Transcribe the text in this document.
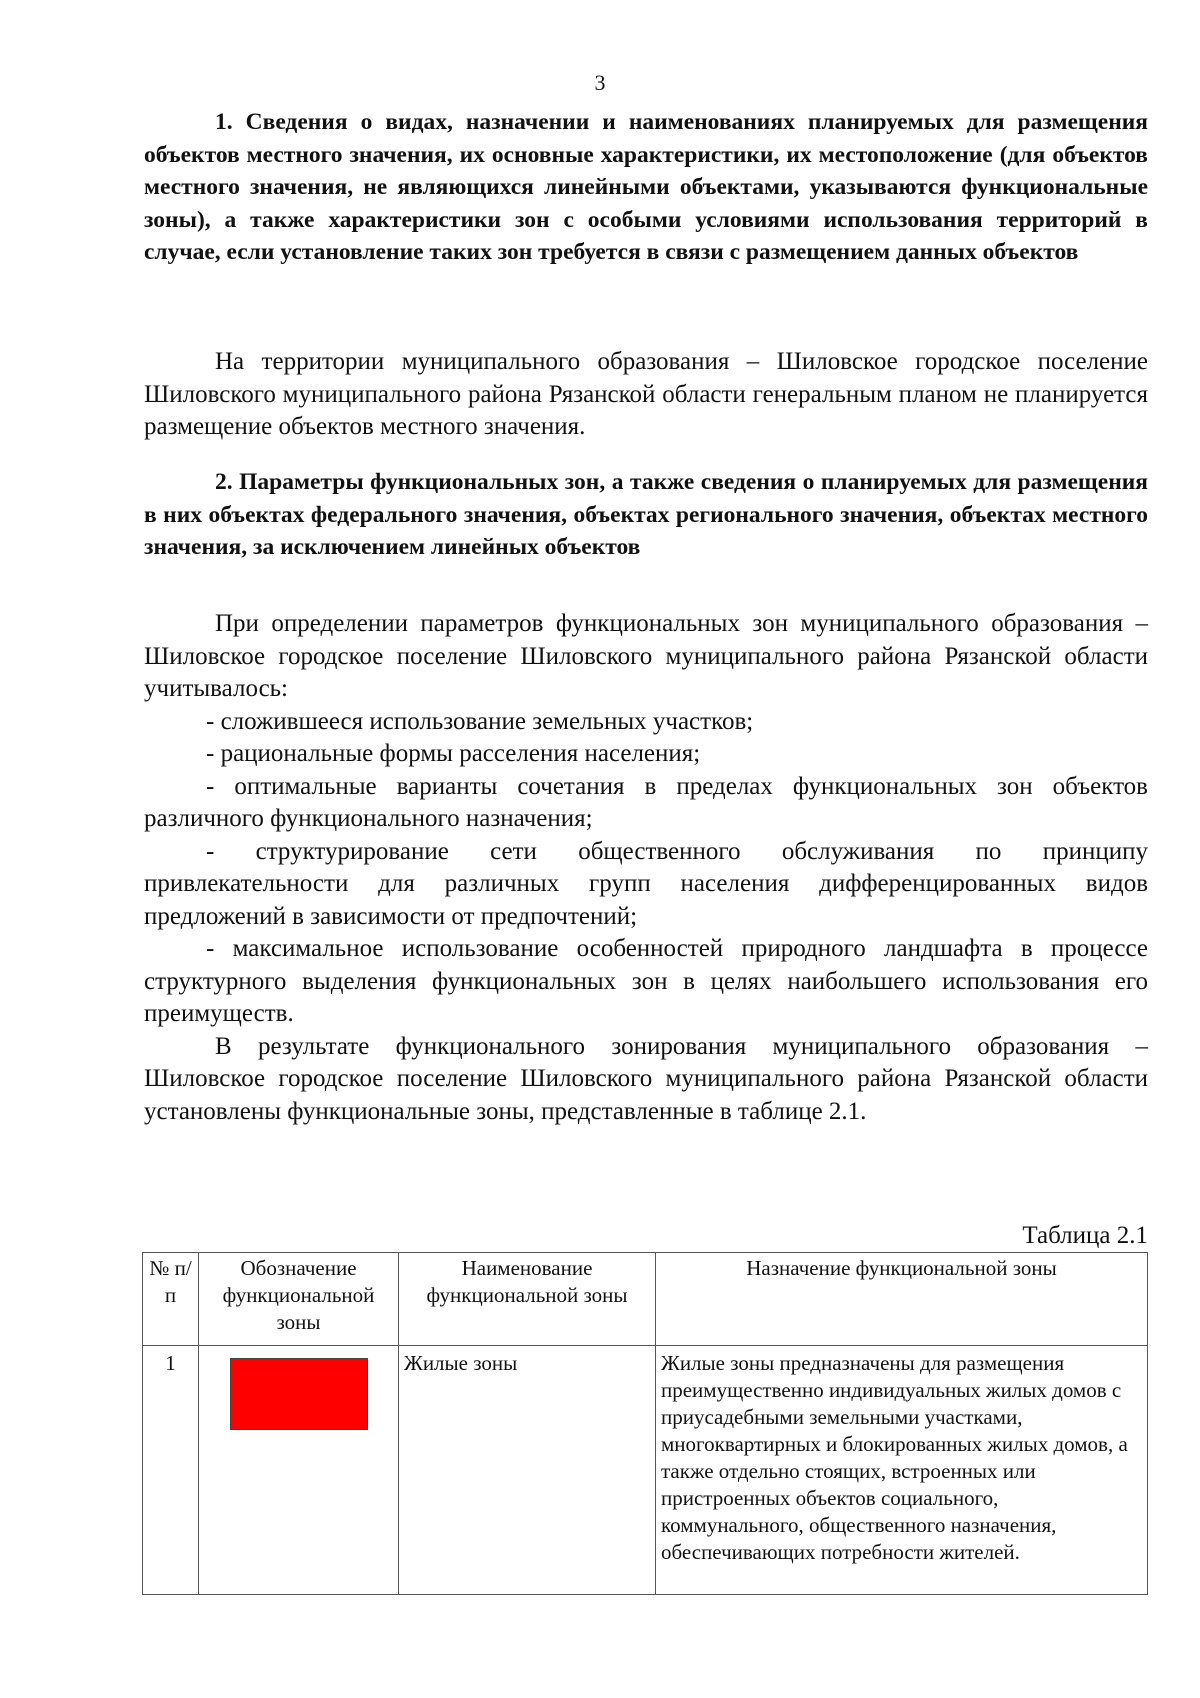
3

1. Сведения о видах, назначении и наименованиях планируемых для размещения объектов местного значения, их основные характеристики, их местоположение (для объектов местного значения, не являющихся линейными объектами, указываются функциональные зоны), а также характеристики зон с особыми условиями использования территорий в случае, если установление таких зон требуется в связи с размещением данных объектов

На территории муниципального образования – Шиловское городское поселение Шиловского муниципального района Рязанской области генеральным планом не планируется размещение объектов местного значения.

2. Параметры функциональных зон, а также сведения о планируемых для размещения в них объектах федерального значения, объектах регионального значения, объектах местного значения, за исключением линейных объектов

При определении параметров функциональных зон муниципального образования – Шиловское городское поселение Шиловского муниципального района Рязанской области учитывалось:

- сложившееся использование земельных участков;

- рациональные формы расселения населения;

- оптимальные варианты сочетания в пределах функциональных зон объектов различного функционального назначения;

- структурирование сети общественного обслуживания по принципу привлекательности для различных групп населения дифференцированных видов предложений в зависимости от предпочтений;

- максимальное использование особенностей природного ландшафта в процессе структурного выделения функциональных зон в целях наибольшего использования его преимуществ.

В результате функционального зонирования муниципального образования – Шиловское городское поселение Шиловского муниципального района Рязанской области установлены функциональные зоны, представленные в таблице 2.1.

Таблица 2.1
№ п/п	Обозначение функциональной зоны	Наименование функциональной зоны	Назначение функциональной зоны
1		Жилые зоны	Жилые зоны предназначены для размещения преимущественно индивидуальных жилых домов с приусадебными земельными участками, многоквартирных и блокированных жилых домов, а также отдельно стоящих, встроенных или пристроенных объектов социального, коммунального, общественного назначения, обеспечивающих потребности жителей.
